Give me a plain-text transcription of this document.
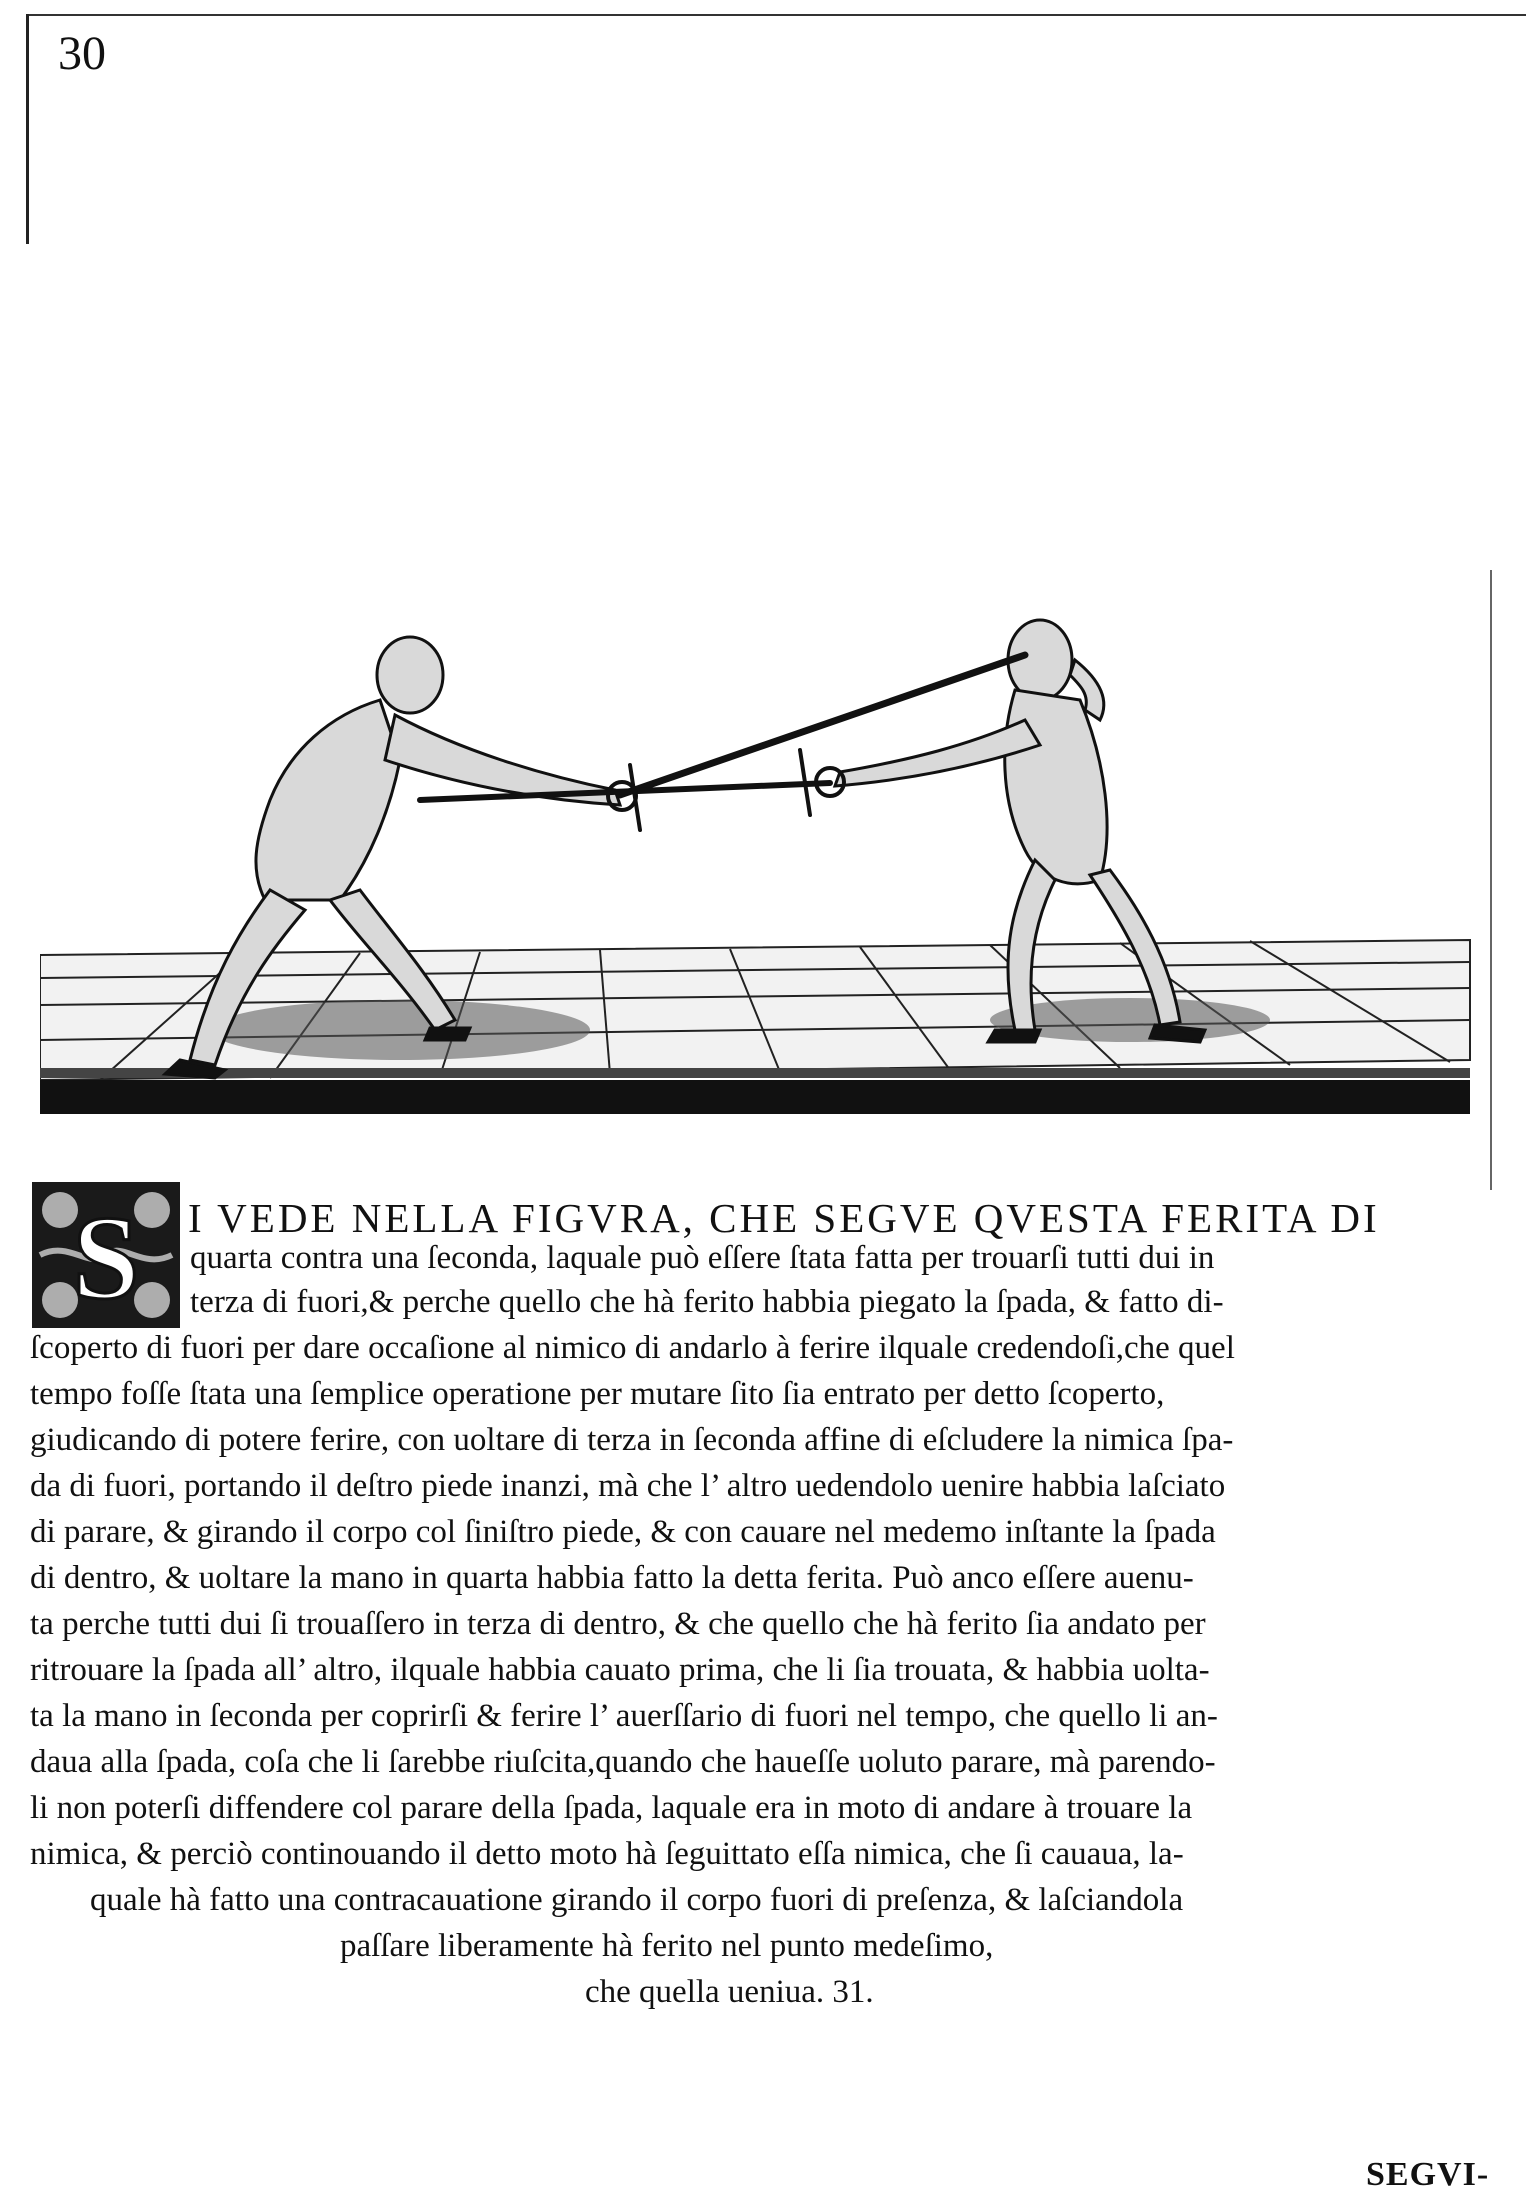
30
S I VEDE NELLA FIGVRA, CHE SEGVE QVESTA FERITA DI
quarta contra una ſeconda, laquale può eſſere ſtata fatta per trouarſi tutti dui in
terza di fuori,& perche quello che hà ferito habbia piegato la ſpada, & fatto di-
ſcoperto di fuori per dare occaſione al nimico di andarlo à ferire ilquale credendoſi,che quel
tempo foſſe ſtata una ſemplice operatione per mutare ſito ſia entrato per detto ſcoperto,
giudicando di potere ferire, con uoltare di terza in ſeconda affine di eſcludere la nimica ſpa-
da di fuori, portando il deſtro piede inanzi, mà che l’ altro uedendolo uenire habbia laſciato
di parare, & girando il corpo col ſiniſtro piede, & con cauare nel medemo inſtante la ſpada
di dentro, & uoltare la mano in quarta habbia fatto la detta ferita. Può anco eſſere auenu-
ta perche tutti dui ſi trouaſſero in terza di dentro, & che quello che hà ferito ſia andato per
ritrouare la ſpada all’ altro, ilquale habbia cauato prima, che li ſia trouata, & habbia uolta-
ta la mano in ſeconda per coprirſi & ferire l’ auerſſario di fuori nel tempo, che quello li an-
daua alla ſpada, coſa che li ſarebbe riuſcita,quando che haueſſe uoluto parare, mà parendo-
li non poterſi diffendere col parare della ſpada, laquale era in moto di andare à trouare la
nimica, & perciò continouando il detto moto hà ſeguittato eſſa nimica, che ſi cauaua, la-
quale hà fatto una contracauatione girando il corpo fuori di preſenza, & laſciandola
paſſare liberamente hà ferito nel punto medeſimo,
che quella ueniua. 31.
SEGVI-
